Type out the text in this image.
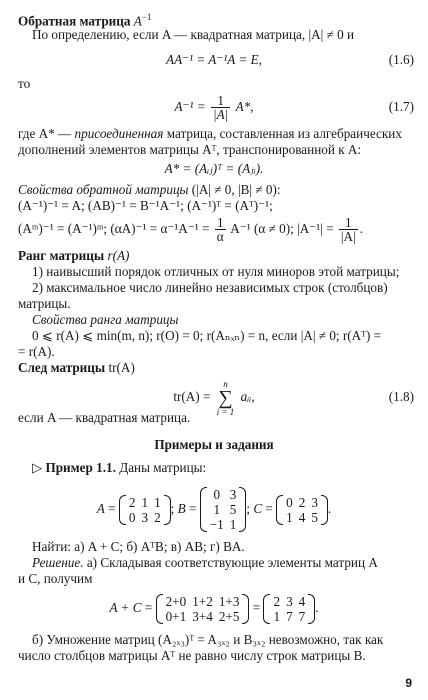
Обратная матрица $A^{-1}$
По определению, если A — квадратная матрица, |A| ≠ 0 и
AA⁻¹ = A⁻¹A = E,	(1.6)
то
$A^{-1} = \frac{1}{|A|} A*$,	(1.7)
где A* — присоединенная матрица, составленная из алгебраических
дополнений элементов матрицы Aᵀ, транспонированной к A:
A* = (Aᵢⱼ)ᵀ = (Aⱼᵢ).
Свойства обратной матрицы (|A| ≠ 0, |B| ≠ 0):
(A⁻¹)⁻¹ = A; (AB)⁻¹ = B⁻¹A⁻¹; (A⁻¹)ᵀ = (Aᵀ)⁻¹;
(Aᵐ)⁻¹ = (A⁻¹)ᵐ; $(\alpha A)^{-1} = \alpha^{-1}A^{-1} = \frac{1}{\alpha} A^{-1}$ (α ≠ 0); $|A^{-1}| = \frac{1}{|A|}$ .
Ранг матрицы r(A)
1) наивысший порядок отличных от нуля миноров этой матрицы;
2) максимальное число линейно независимых строк (столбцов)
матрицы.
Свойства ранга матрицы
0 ⩽ r(A) ⩽ min(m, n); r(O) = 0; r(Aₙₓₙ) = n, если |A| ≠ 0; r(Aᵀ) =
= r(A).
След матрицы tr(A)
tr(A) =
n
∑
i = 1
aᵢᵢ,	(1.8)
если A — квадратная матрица.
Примеры и задания
▷ Пример 1.1. Даны матрицы:
A = 2	1	1
0	3	2
; B =
0	3
1	5
−1	1
; C = 0	2	3
1	4	5
.
Найти: а) A + C; б) AᵀB; в) AB; г) BA.
Решение. а) Складывая соответствующие элементы матриц A
и C, получим
A + C = 2+0	1+2	1+3
0+1	3+4	2+5
= 2	3	4
1	7	7
.
б) Умножение матриц (A₂ₓ₃)ᵀ = A₃ₓ₂ и B₃ₓ₂ невозможно, так как
число столбцов матрицы Aᵀ не равно числу строк матрицы B.
9
